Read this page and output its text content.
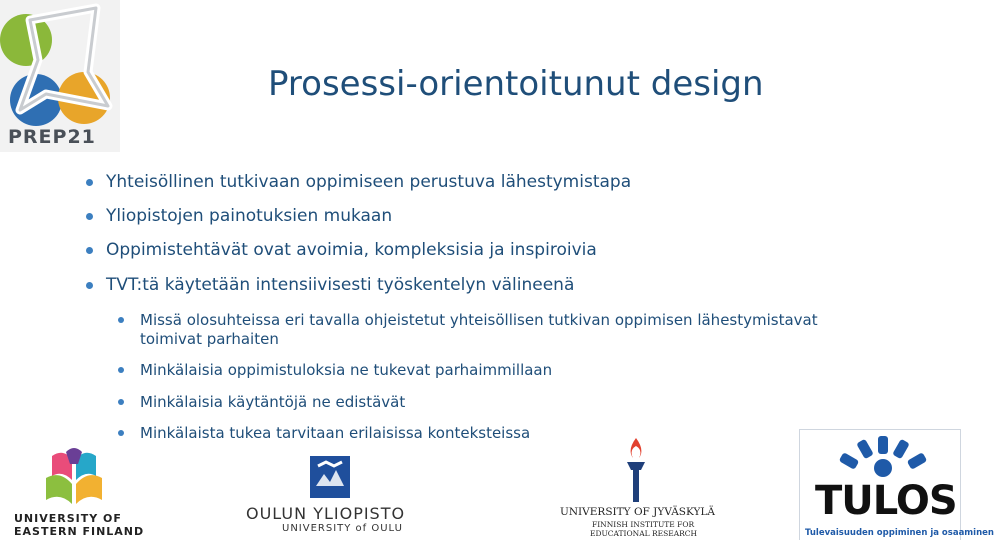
PREP21
Prosessi-orientoitunut design
Yhteisöllinen tutkivaan oppimiseen perustuva lähestymistapa
Yliopistojen painotuksien mukaan
Oppimistehtävät ovat avoimia, kompleksisia ja inspiroivia
TVT:tä käytetään intensiivisesti työskentelyn välineenä
Missä olosuhteissa eri tavalla ohjeistetut yhteisöllisen tutkivan oppimisen lähestymistavat toimivat parhaiten
Minkälaisia oppimistuloksia ne tukevat parhaimmillaan
Minkälaisia käytäntöjä ne edistävät
Minkälaista tukea tarvitaan erilaisissa konteksteissa
UNIVERSITY OF
EASTERN FINLAND
OULUN YLIOPISTO
UNIVERSITY of OULU
UNIVERSITY OF JYVÄSKYLÄ
FINNISH INSTITUTE FOR
EDUCATIONAL RESEARCH
TULOS
Tulevaisuuden oppiminen ja osaaminen
